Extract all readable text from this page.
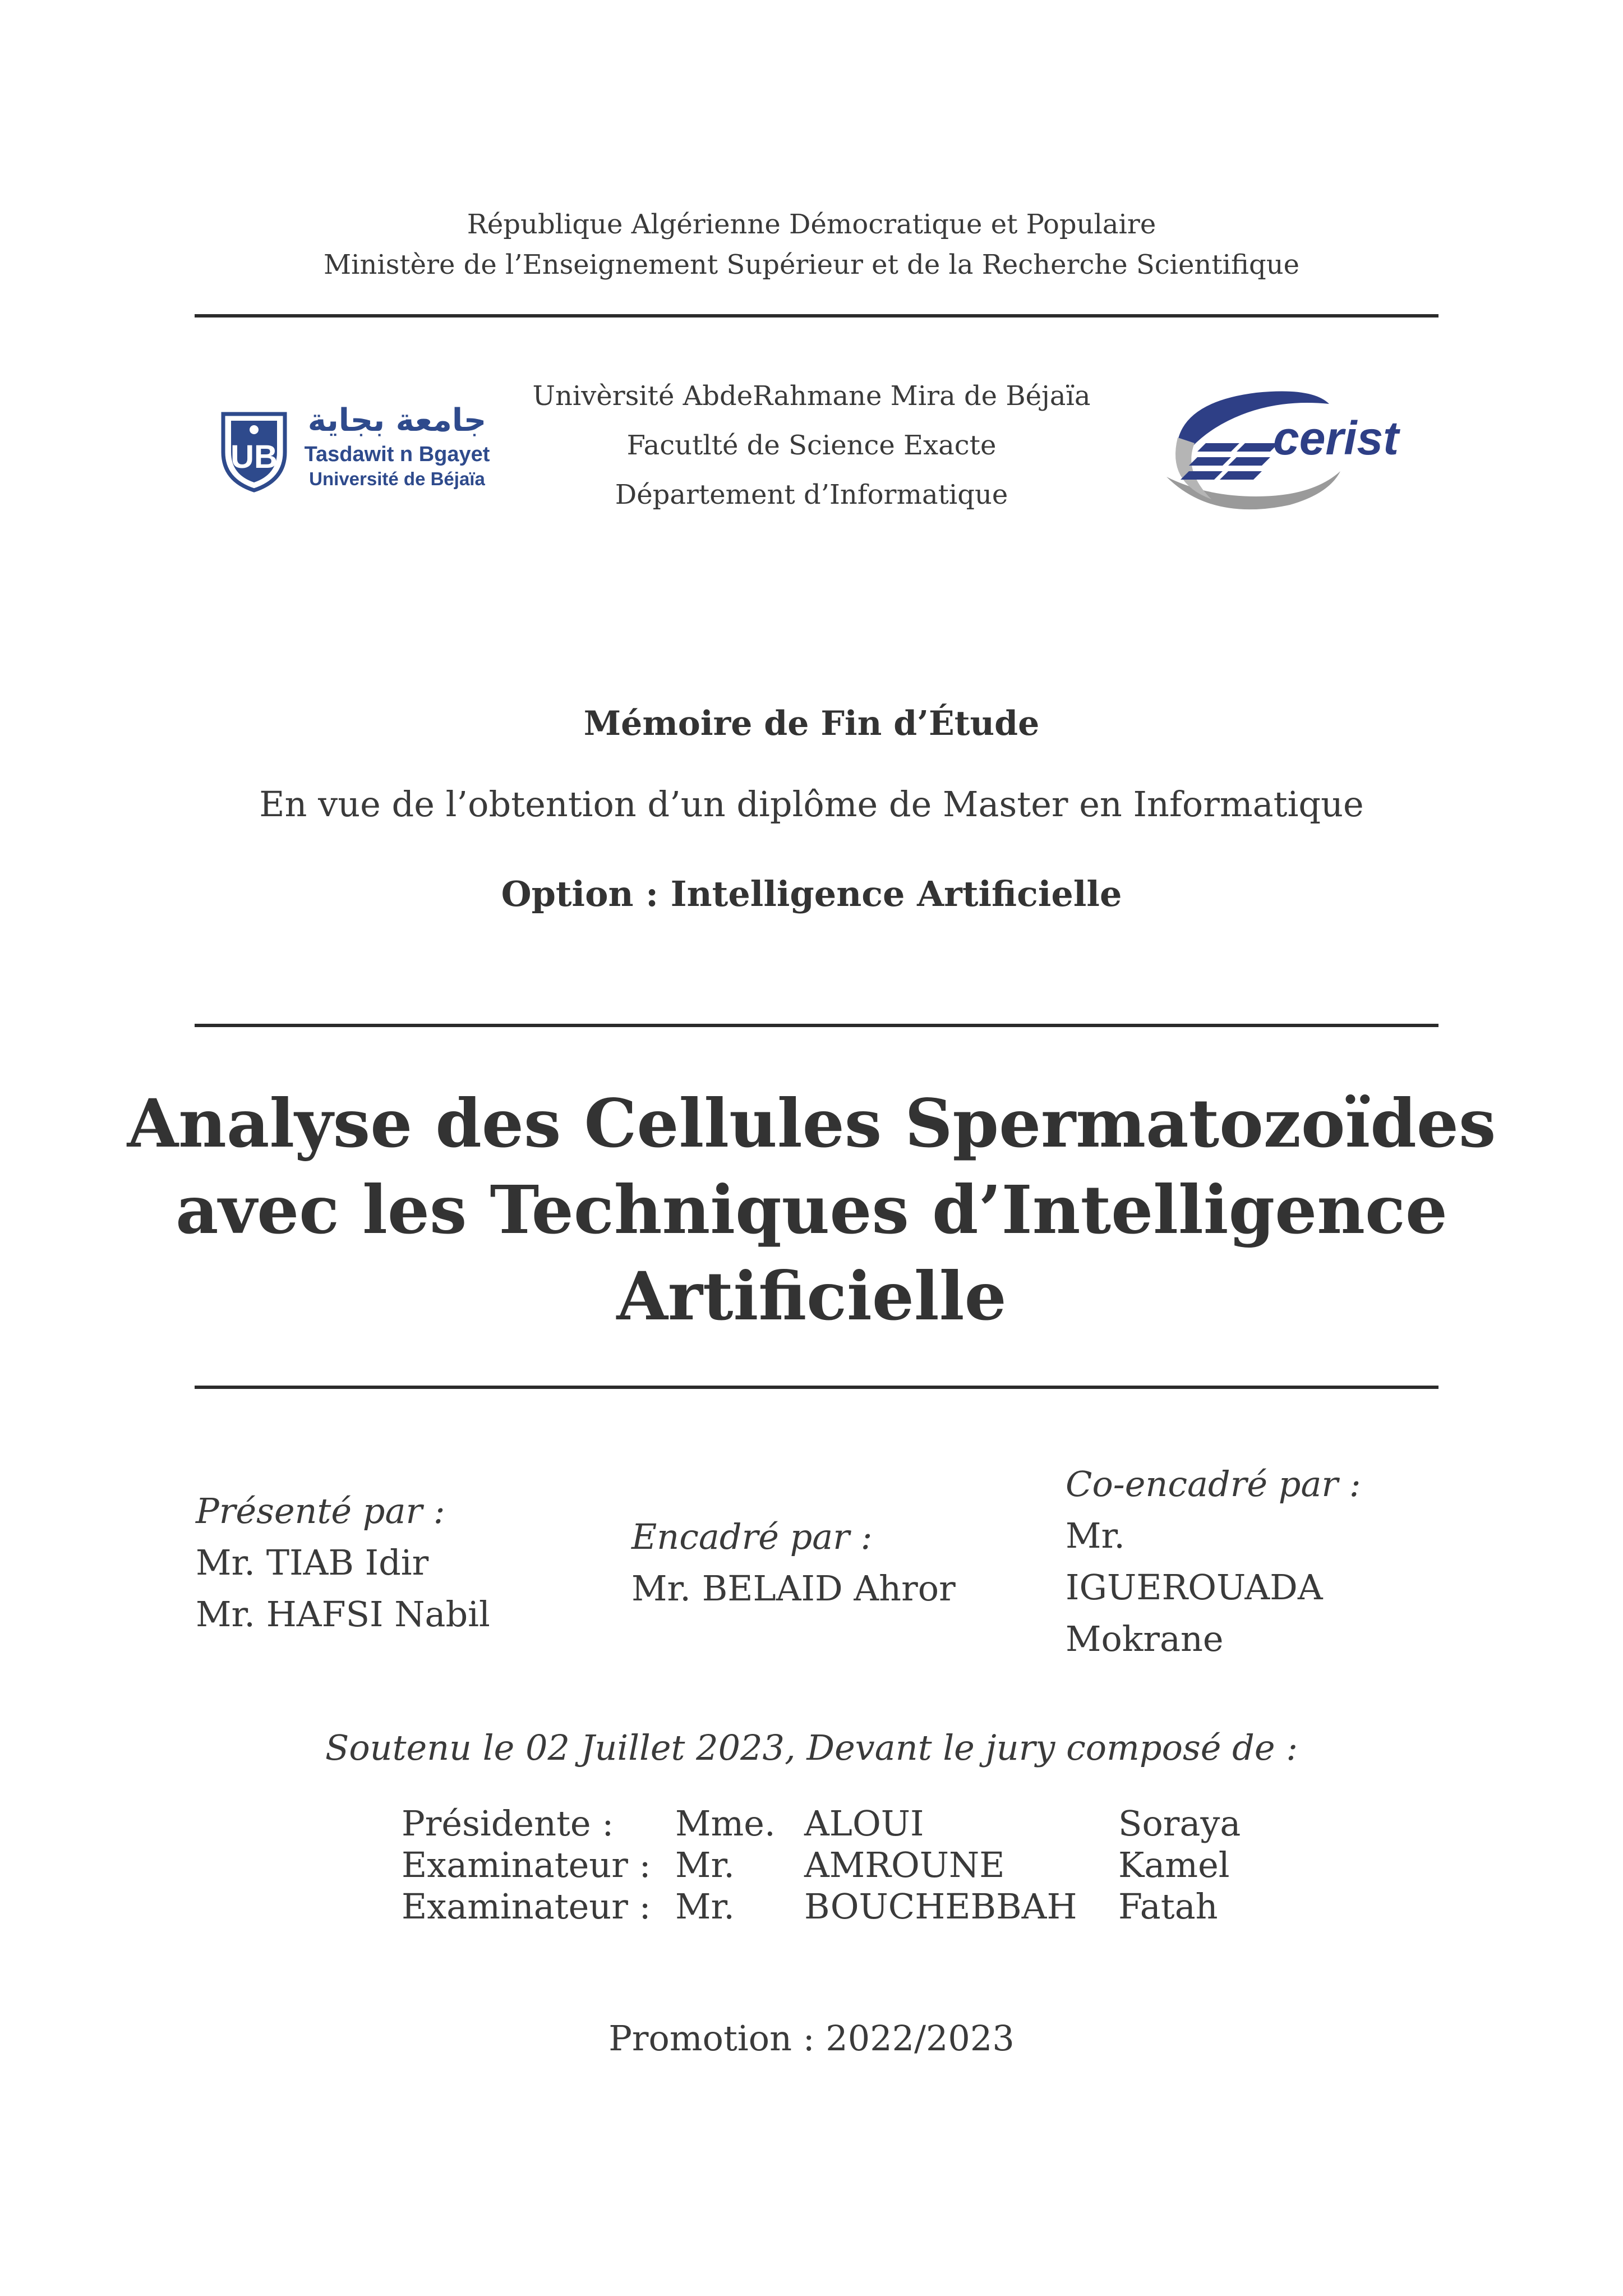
République Algérienne Démocratique et Populaire
Ministère de l’Enseignement Supérieur et de la Recherche Scientifique
UB
جامعة بجاية
Tasdawit n Bgayet
Université de Béjaïa
Univèrsité AbdeRahmane Mira de Béjaïa
Facutlté de Science Exacte
Département d’Informatique
cerist
Mémoire de Fin d’Étude
En vue de l’obtention d’un diplôme de Master en Informatique
Option : Intelligence Artificielle
Analyse des Cellules Spermatozoïdes
avec les Techniques d’Intelligence
Artificielle
Présenté par :
Mr. TIAB Idir
Mr. HAFSI Nabil
Encadré par :
Mr. BELAID Ahror
Co-encadré par :
Mr.
IGUEROUADA
Mokrane
Soutenu le 02 Juillet 2023, Devant le jury composé de :
Présidente : Mme. ALOUI	Soraya
Examinateur : Mr. AMROUNE	Kamel
Examinateur : Mr. BOUCHEBBAH Fatah
Promotion : 2022/2023
